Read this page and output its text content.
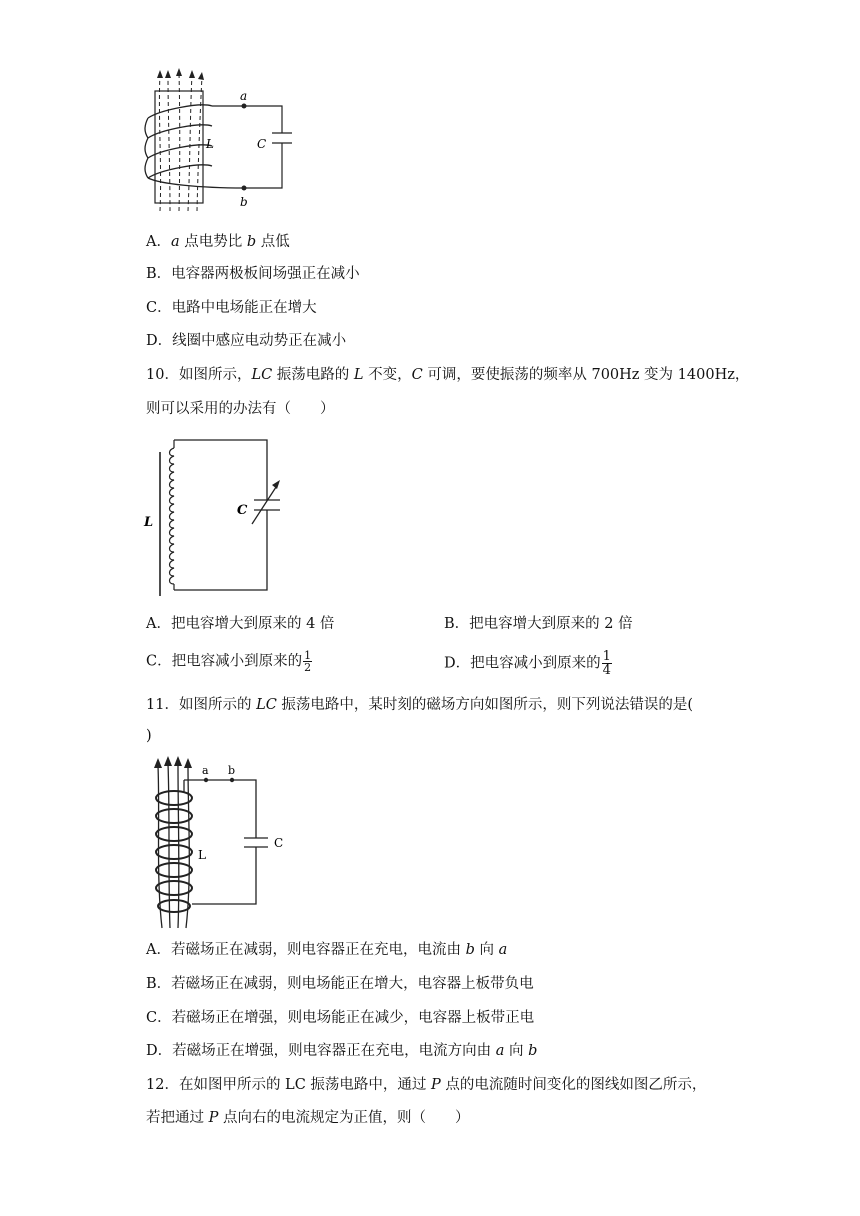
a
b
C
L
A．a 点电势比 b 点低
B．电容器两极板间场强正在减小
C．电路中电场能正在增大
D．线圈中感应电动势正在减小
10．如图所示，LC 振荡电路的 L 不变，C 可调，要使振荡的频率从 700Hz 变为 1400Hz，
则可以采用的办法有（　　）
L
C
A．把电容增大到原来的 4 倍	B．把电容增大到原来的 2 倍
C．把电容减小到原来的 $\frac{1}{2}$	D．把电容减小到原来的 $\frac{1}{4}$
11．如图所示的 LC 振荡电路中，某时刻的磁场方向如图所示，则下列说法错误的是(
)
a b
C
L
A．若磁场正在减弱，则电容器正在充电，电流由 b 向 a
B．若磁场正在减弱，则电场能正在增大，电容器上板带负电
C．若磁场正在增强，则电场能正在减少，电容器上板带正电
D．若磁场正在增强，则电容器正在充电，电流方向由 a 向 b
12．在如图甲所示的 LC 振荡电路中，通过 P 点的电流随时间变化的图线如图乙所示，
若把通过 P 点向右的电流规定为正值，则（　　）
